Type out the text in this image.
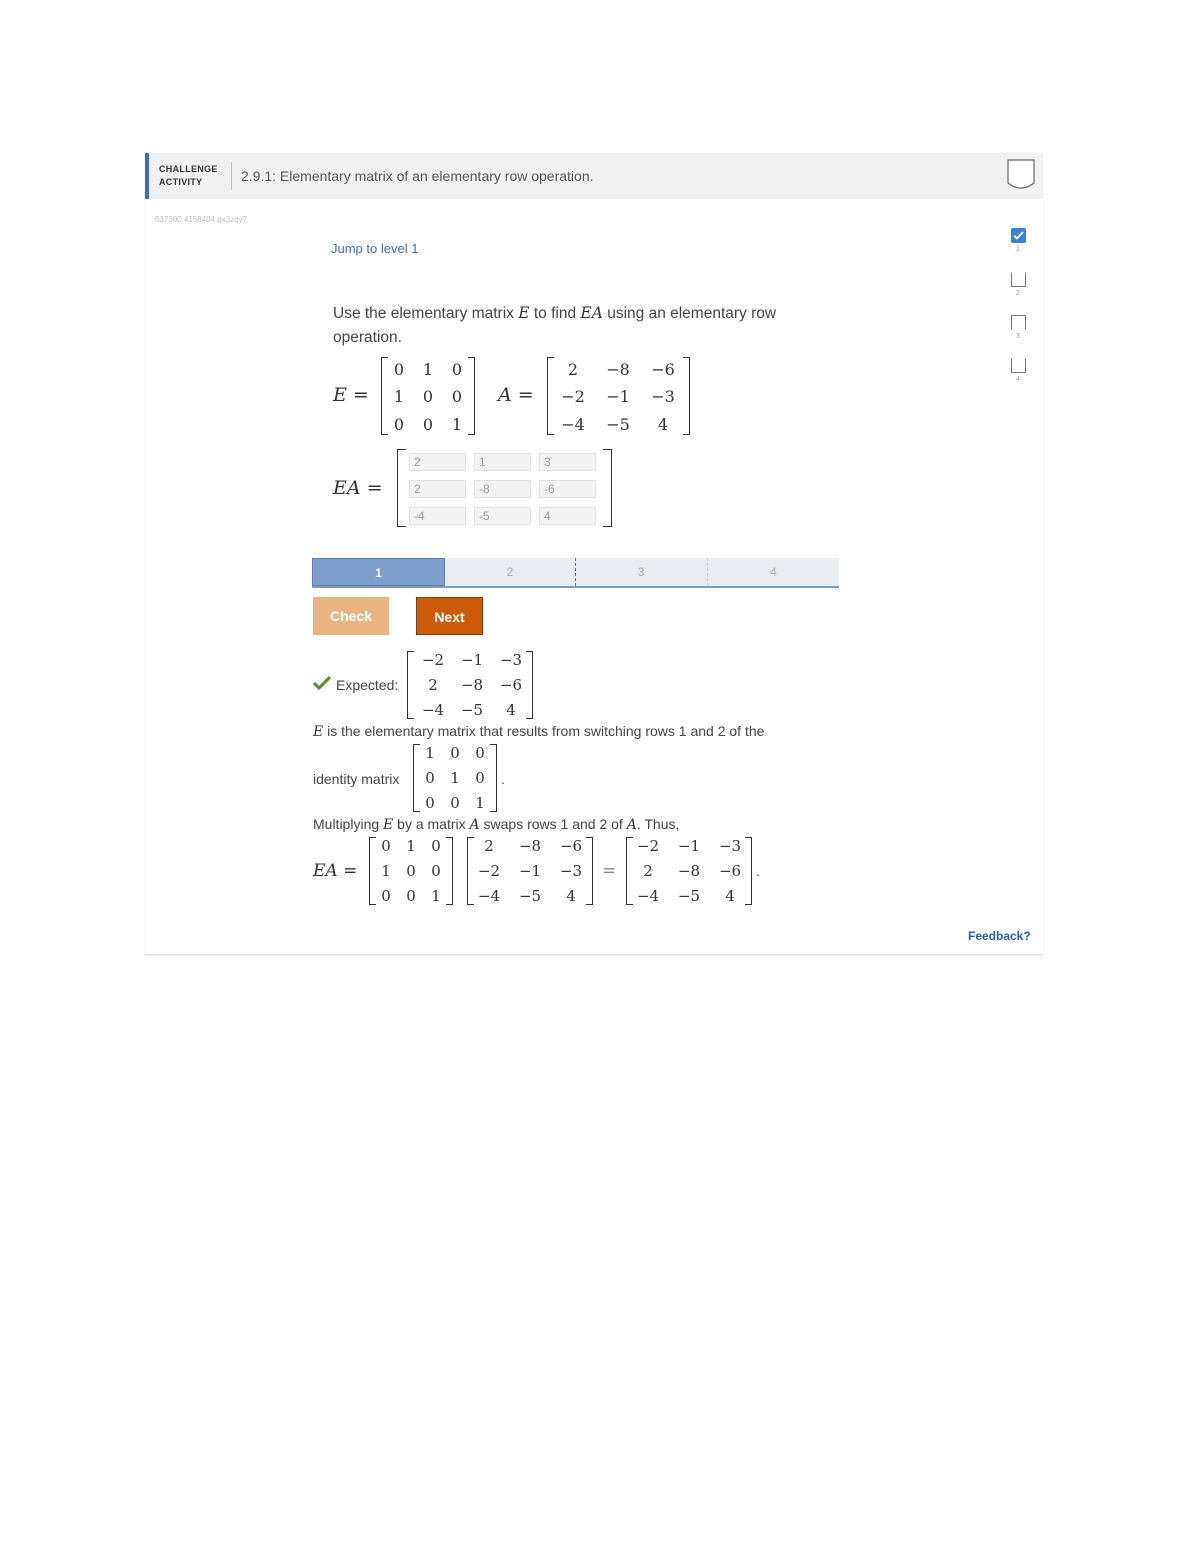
CHALLENGE
ACTIVITY	2.9.1: Elementary matrix of an elementary row operation.
637300.4158404.qx3zqy7
Jump to level 1
Use the elementary matrix E to find EA using an elementary row operation.
E =
0	1	0
1	0	0
0	0	1
A =
2	−8	−6
−2	−1	−3
−4	−5	4
EA =
2	1	3
2	-8	-6
-4	-5	4
1	2	3	4
Check	Next
Expected:
−2	−1	−3
2	−8	−6
−4	−5	4
E is the elementary matrix that results from switching rows 1 and 2 of the
identity matrix
1	0	0
0	1	0
0	0	1
.
Multiplying E by a matrix A swaps rows 1 and 2 of A. Thus,
EA =
0	1	0
1	0	0
0	0	1
2	−8	−6
−2	−1	−3
−4	−5	4
=
−2	−1	−3
2	−8	−6
−4	−5	4
.
1
2
3
4
Feedback?
